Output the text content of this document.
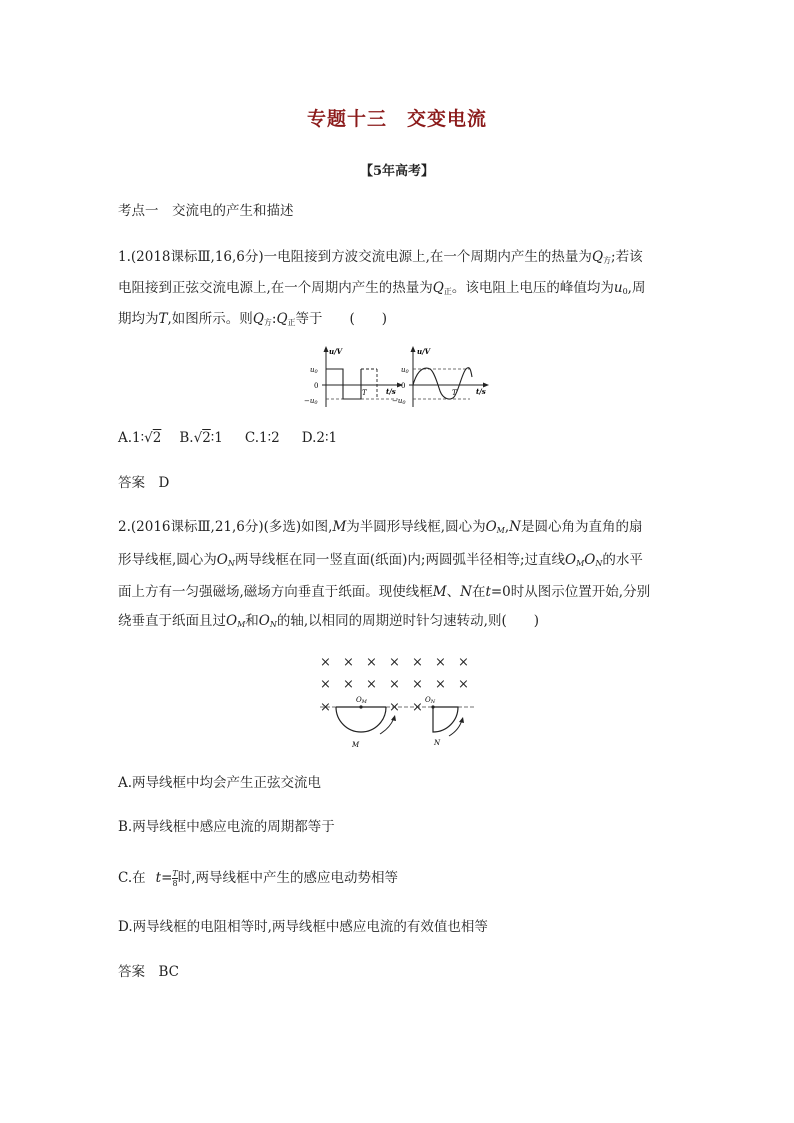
专题十三　交变电流
【5年高考】
考点一　交流电的产生和描述
1.(2018课标Ⅲ,16,6分)一电阻接到方波交流电源上,在一个周期内产生的热量为$Q_方$;若该
电阻接到正弦交流电源上,在一个周期内产生的热量为$Q_正$。该电阻上电压的峰值均为$u_0$,周
期均为T,如图所示。则$Q_方:Q_正$等于　　(　　)
u/V
u0
0
−u0
T	t/s
u/V
u0
0
−u0
T	t/s
A.1∶√2 B.√2∶1 C.1∶2 D.2∶1
答案　D
2.(2016课标Ⅲ,21,6分)(多选)如图,M为半圆形导线框,圆心为$O_M,N$是圆心角为直角的扇
形导线框,圆心为$O_N$两导线框在同一竖直面(纸面)内;两圆弧半径相等;过直线$O_MO_N$的水平
面上方有一匀强磁场,磁场方向垂直于纸面。现使线框M、N在t=0时从图示位置开始,分别
绕垂直于纸面且过$O_M$和$O_N$的轴,以相同的周期逆时针匀速转动,则(　　)
× × × × × × ×
× × × × × × ×
×	× ×
OM
M
ON
N
A.两导线框中均会产生正弦交流电
B.两导线框中感应电流的周期都等于
C.在 $t= \frac{T}{8}$ 时,两导线框中产生的感应电动势相等
D.两导线框的电阻相等时,两导线框中感应电流的有效值也相等
答案　BC
